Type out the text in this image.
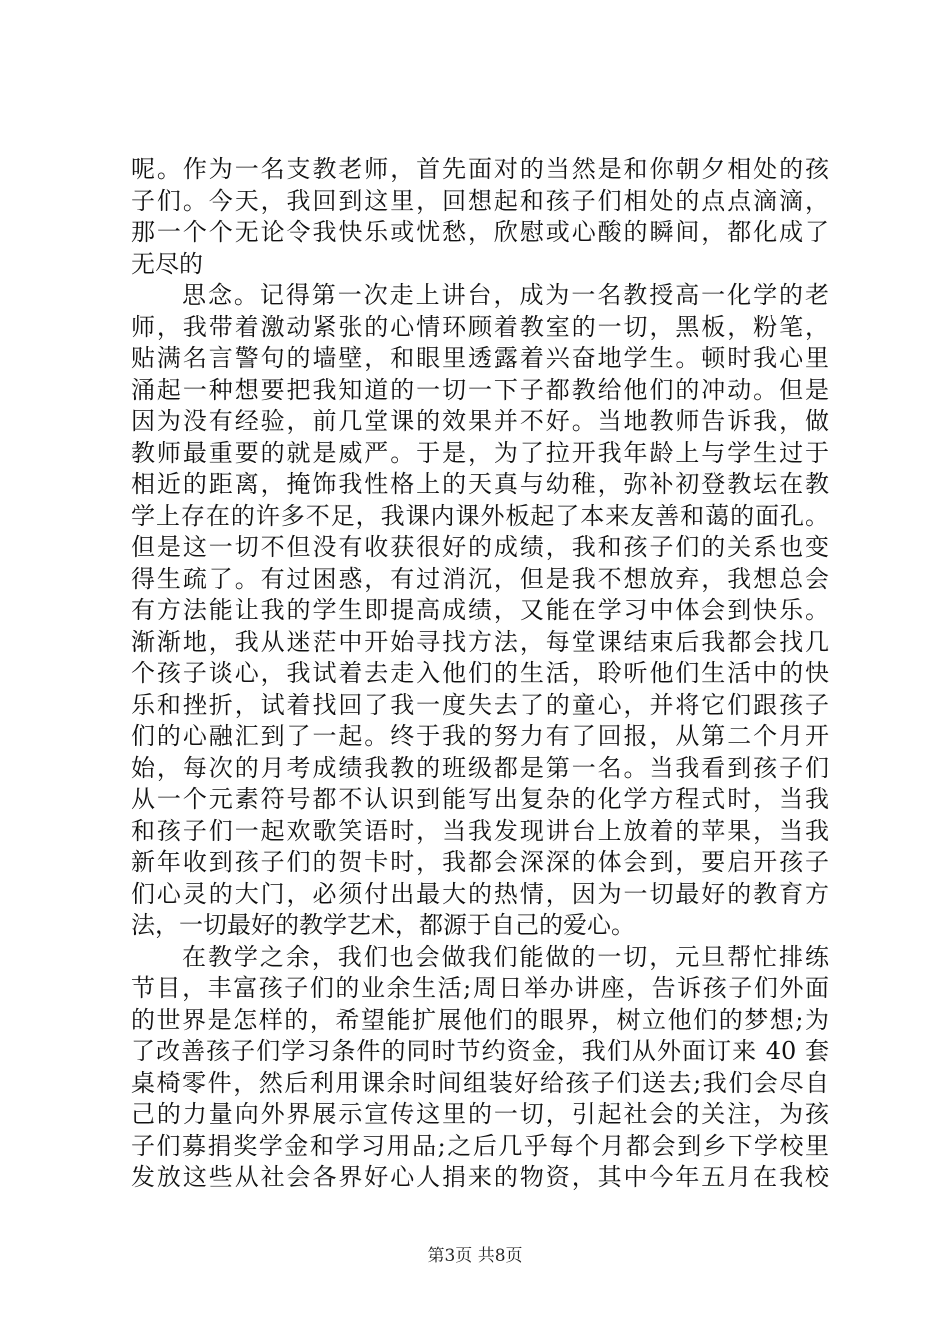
呢。作为一名支教老师，首先面对的当然是和你朝夕相处的孩
子们。今天，我回到这里，回想起和孩子们相处的点点滴滴，
那一个个无论令我快乐或忧愁，欣慰或心酸的瞬间，都化成了
无尽的
思念。记得第一次走上讲台，成为一名教授高一化学的老
师，我带着激动紧张的心情环顾着教室的一切，黑板，粉笔，
贴满名言警句的墙壁，和眼里透露着兴奋地学生。顿时我心里
涌起一种想要把我知道的一切一下子都教给他们的冲动。但是
因为没有经验，前几堂课的效果并不好。当地教师告诉我，做
教师最重要的就是威严。于是，为了拉开我年龄上与学生过于
相近的距离，掩饰我性格上的天真与幼稚，弥补初登教坛在教
学上存在的许多不足，我课内课外板起了本来友善和蔼的面孔。
但是这一切不但没有收获很好的成绩，我和孩子们的关系也变
得生疏了。有过困惑，有过消沉，但是我不想放弃，我想总会
有方法能让我的学生即提高成绩，又能在学习中体会到快乐。
渐渐地，我从迷茫中开始寻找方法，每堂课结束后我都会找几
个孩子谈心，我试着去走入他们的生活，聆听他们生活中的快
乐和挫折，试着找回了我一度失去了的童心，并将它们跟孩子
们的心融汇到了一起。终于我的努力有了回报，从第二个月开
始，每次的月考成绩我教的班级都是第一名。当我看到孩子们
从一个元素符号都不认识到能写出复杂的化学方程式时，当我
和孩子们一起欢歌笑语时，当我发现讲台上放着的苹果，当我
新年收到孩子们的贺卡时，我都会深深的体会到，要启开孩子
们心灵的大门，必须付出最大的热情，因为一切最好的教育方
法，一切最好的教学艺术，都源于自己的爱心。
在教学之余，我们也会做我们能做的一切，元旦帮忙排练
节目，丰富孩子们的业余生活;周日举办讲座，告诉孩子们外面
的世界是怎样的，希望能扩展他们的眼界，树立他们的梦想;为
了改善孩子们学习条件的同时节约资金，我们从外面订来 40 套
桌椅零件，然后利用课余时间组装好给孩子们送去;我们会尽自
己的力量向外界展示宣传这里的一切，引起社会的关注，为孩
子们募捐奖学金和学习用品;之后几乎每个月都会到乡下学校里
发放这些从社会各界好心人捐来的物资，其中今年五月在我校
第3页 共8页
